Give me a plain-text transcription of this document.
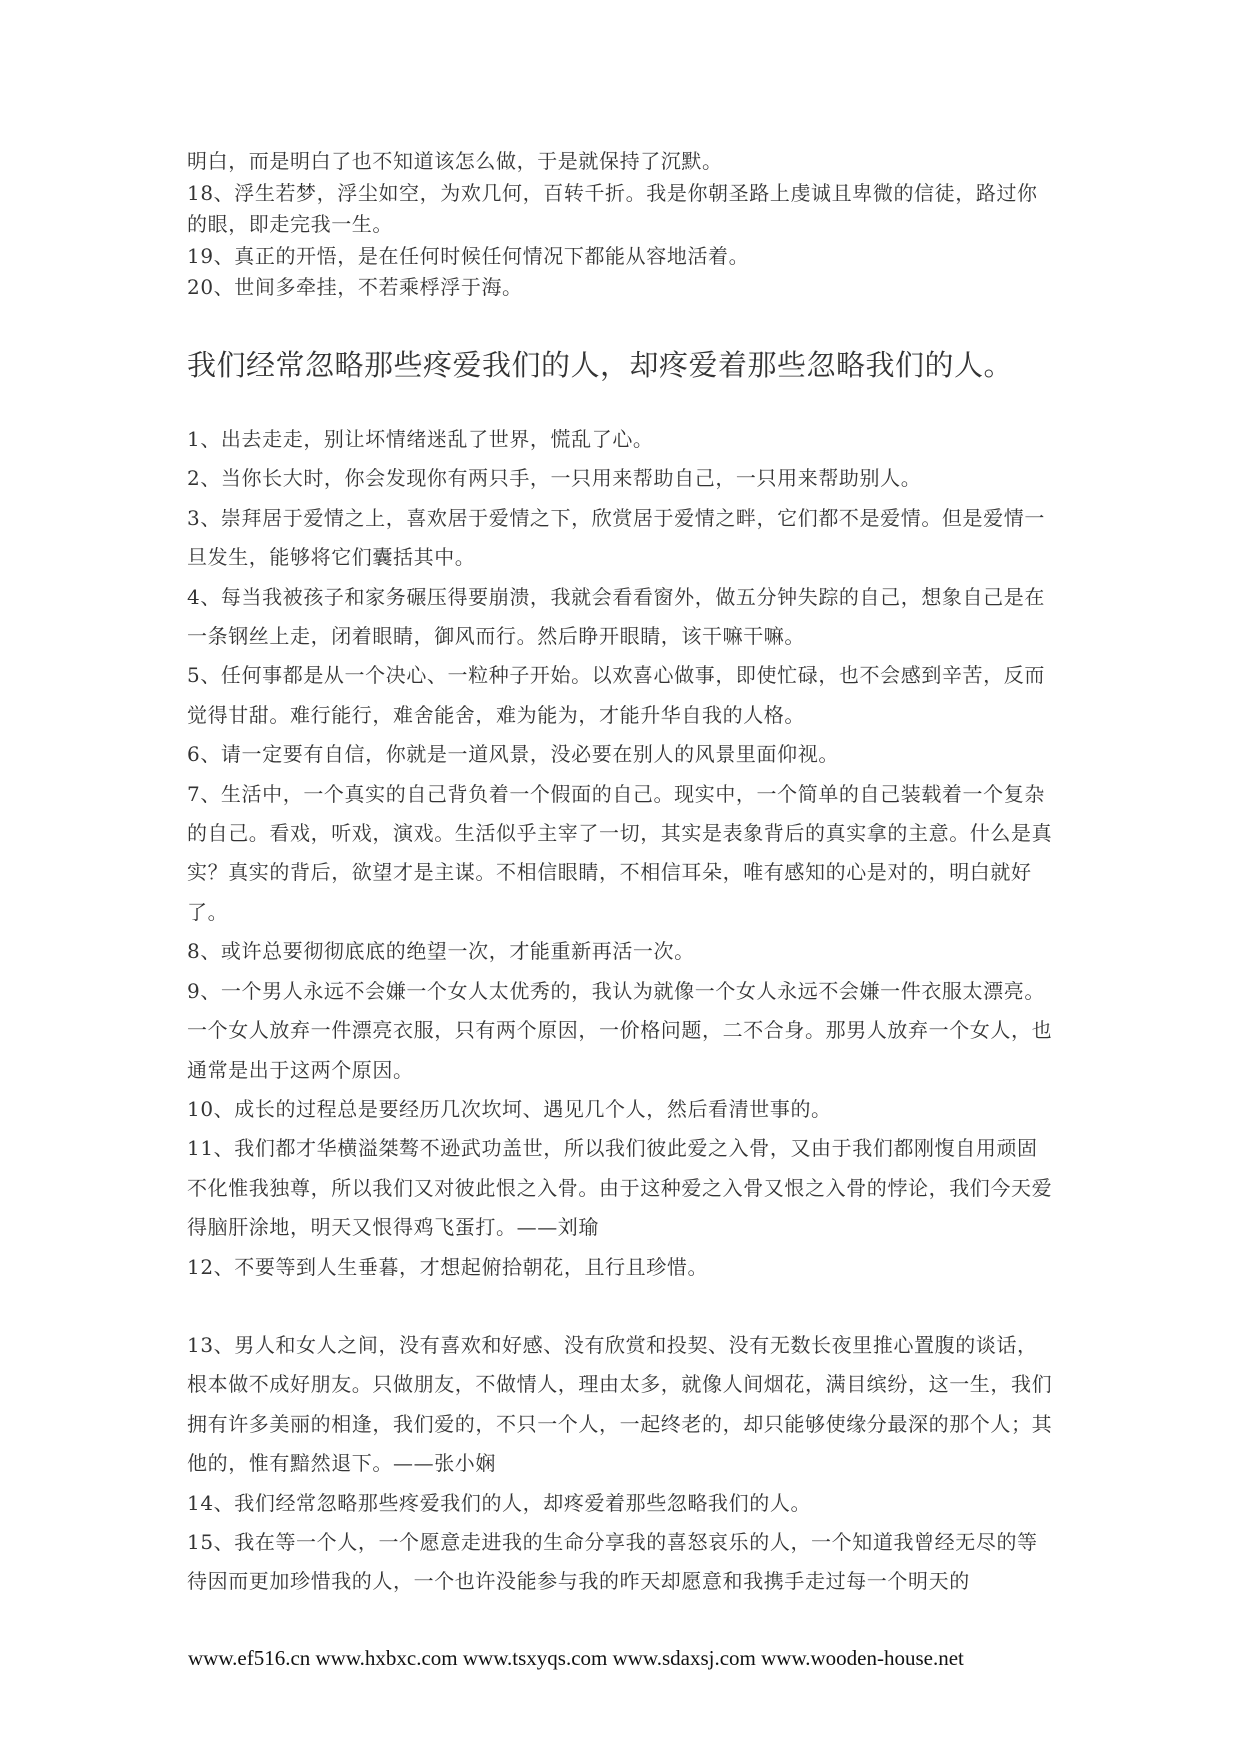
明白，而是明白了也不知道该怎么做，于是就保持了沉默。

18、浮生若梦，浮尘如空，为欢几何，百转千折。我是你朝圣路上虔诚且卑微的信徒，路过你的眼，即走完我一生。

19、真正的开悟，是在任何时候任何情况下都能从容地活着。

20、世间多牵挂，不若乘桴浮于海。

我们经常忽略那些疼爱我们的人，却疼爱着那些忽略我们的人。

1、出去走走，别让坏情绪迷乱了世界，慌乱了心。

2、当你长大时，你会发现你有两只手，一只用来帮助自己，一只用来帮助别人。

3、崇拜居于爱情之上，喜欢居于爱情之下，欣赏居于爱情之畔，它们都不是爱情。但是爱情一旦发生，能够将它们囊括其中。

4、每当我被孩子和家务碾压得要崩溃，我就会看看窗外，做五分钟失踪的自己，想象自己是在一条钢丝上走，闭着眼睛，御风而行。然后睁开眼睛，该干嘛干嘛。

5、任何事都是从一个决心、一粒种子开始。以欢喜心做事，即使忙碌，也不会感到辛苦，反而觉得甘甜。难行能行，难舍能舍，难为能为，才能升华自我的人格。

6、请一定要有自信，你就是一道风景，没必要在别人的风景里面仰视。

7、生活中，一个真实的自己背负着一个假面的自己。现实中，一个简单的自己装载着一个复杂的自己。看戏，听戏，演戏。生活似乎主宰了一切，其实是表象背后的真实拿的主意。什么是真实？真实的背后，欲望才是主谋。不相信眼睛，不相信耳朵，唯有感知的心是对的，明白就好了。

8、或许总要彻彻底底的绝望一次，才能重新再活一次。

9、一个男人永远不会嫌一个女人太优秀的，我认为就像一个女人永远不会嫌一件衣服太漂亮。一个女人放弃一件漂亮衣服，只有两个原因，一价格问题，二不合身。那男人放弃一个女人，也通常是出于这两个原因。

10、成长的过程总是要经历几次坎坷、遇见几个人，然后看清世事的。

11、我们都才华横溢桀骜不逊武功盖世，所以我们彼此爱之入骨，又由于我们都刚愎自用顽固不化惟我独尊，所以我们又对彼此恨之入骨。由于这种爱之入骨又恨之入骨的悖论，我们今天爱得脑肝涂地，明天又恨得鸡飞蛋打。——刘瑜

12、不要等到人生垂暮，才想起俯拾朝花，且行且珍惜。

13、男人和女人之间，没有喜欢和好感、没有欣赏和投契、没有无数长夜里推心置腹的谈话，根本做不成好朋友。只做朋友，不做情人，理由太多，就像人间烟花，满目缤纷，这一生，我们拥有许多美丽的相逢，我们爱的，不只一个人，一起终老的，却只能够使缘分最深的那个人；其他的，惟有黯然退下。——张小娴

14、我们经常忽略那些疼爱我们的人，却疼爱着那些忽略我们的人。

15、我在等一个人，一个愿意走进我的生命分享我的喜怒哀乐的人，一个知道我曾经无尽的等待因而更加珍惜我的人，一个也许没能参与我的昨天却愿意和我携手走过每一个明天的

www.ef516.cn www.hxbxc.com www.tsxyqs.com www.sdaxsj.com www.wooden-house.net
